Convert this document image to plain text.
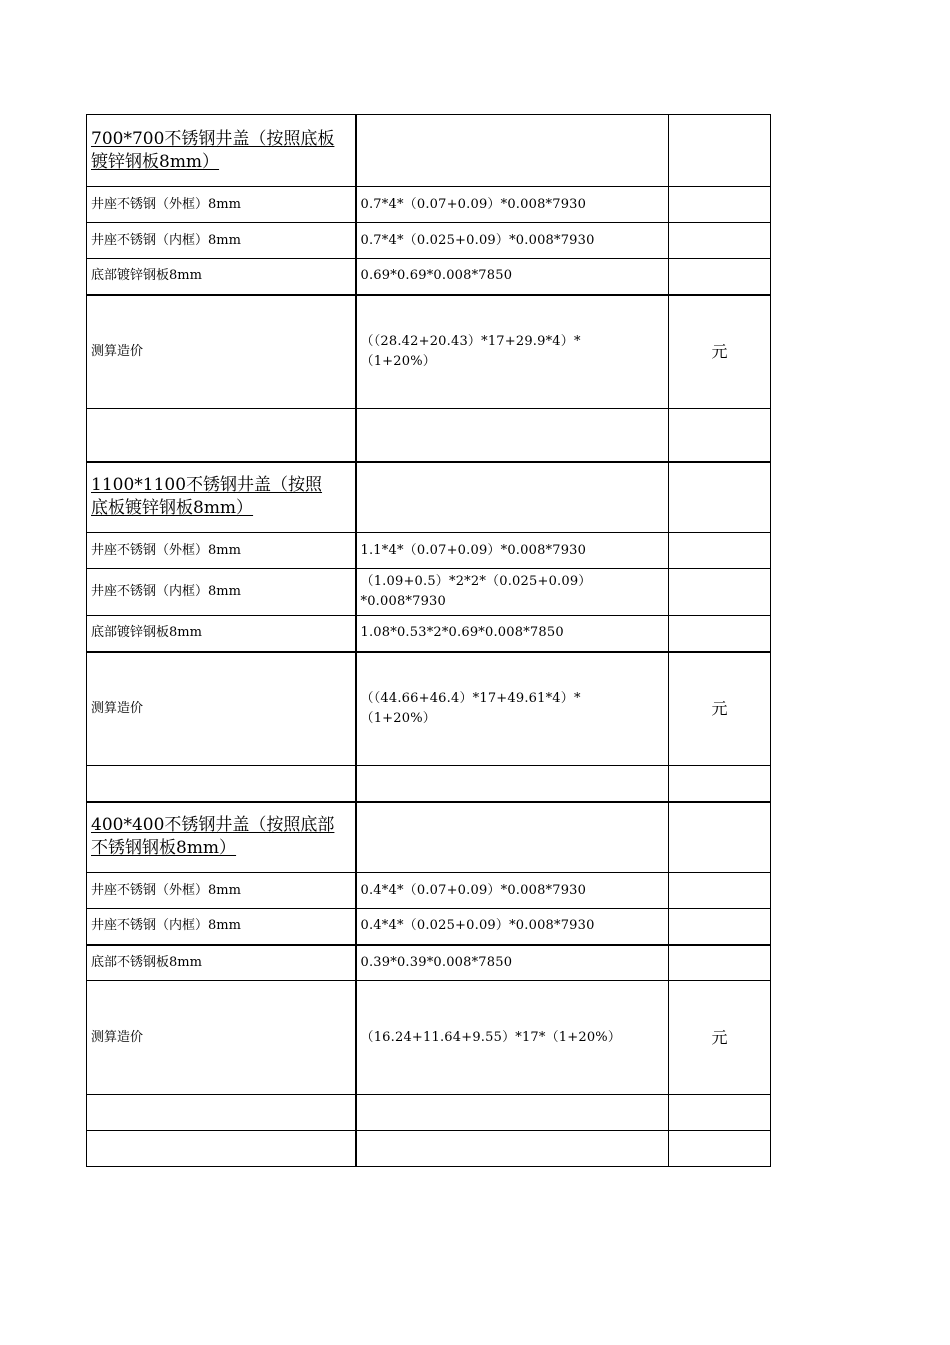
700*700不锈钢井盖（按照底板镀锌钢板8mm）		
井座不锈钢（外框）8mm	0.7*4*（0.07+0.09）*0.008*7930	
井座不锈钢（内框）8mm	0.7*4*（0.025+0.09）*0.008*7930	
底部镀锌钢板8mm	0.69*0.69*0.008*7850	
测算造价	（（28.42+20.43）*17+29.9*4）*（1+20%）	元

1100*1100不锈钢井盖（按照底板镀锌钢板8mm）		
井座不锈钢（外框）8mm	1.1*4*（0.07+0.09）*0.008*7930	
井座不锈钢（内框）8mm	（1.09+0.5）*2*2*（0.025+0.09）*0.008*7930	
底部镀锌钢板8mm	1.08*0.53*2*0.69*0.008*7850	
测算造价	（（44.66+46.4）*17+49.61*4）*（1+20%）	元

400*400不锈钢井盖（按照底部不锈钢钢板8mm）		
井座不锈钢（外框）8mm	0.4*4*（0.07+0.09）*0.008*7930	
井座不锈钢（内框）8mm	0.4*4*（0.025+0.09）*0.008*7930	
底部不锈钢板8mm	0.39*0.39*0.008*7850	
测算造价	（16.24+11.64+9.55）*17*（1+20%）	元
